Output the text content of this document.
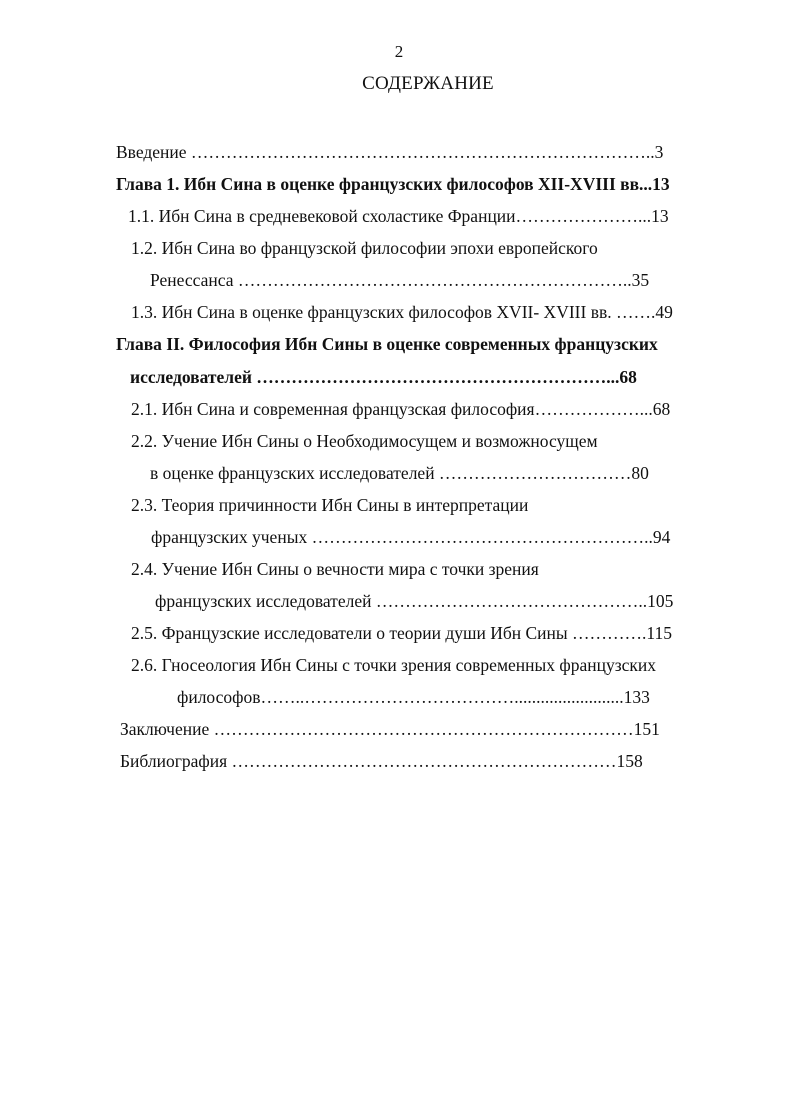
2
СОДЕРЖАНИЕ
Введение ……………………………………………………………………..3
Глава 1. Ибн Сина в оценке французских философов XII-XVIII вв...13
1.1. Ибн Сина в средневековой схоластике Франции…………………...13
1.2. Ибн Сина во французской философии эпохи европейского
Ренессанса …………………………………………………………..35
1.3. Ибн Сина в оценке французских философов XVII- XVIII вв. …….49
Глава II. Философия Ибн Сины в оценке современных французских
исследователей ……………………………………………………...68
2.1. Ибн Сина и современная французская философия………………...68
2.2. Учение Ибн Сины о Необходимосущем и возможносущем
в оценке французских исследователей ……………………………80
2.3. Теория причинности Ибн Сины в интерпретации
французских ученых …………………………………………………..94
2.4. Учение Ибн Сины о вечности мира с точки зрения
французских исследователей ………………………………………..105
2.5. Французские исследователи о теории души Ибн Сины ………….115
2.6. Гносеология Ибн Сины с точки зрения современных французских
философов……..……………………………….........................133
Заключение ………………………………………………………………151
Библиография …………………………………………………………158
